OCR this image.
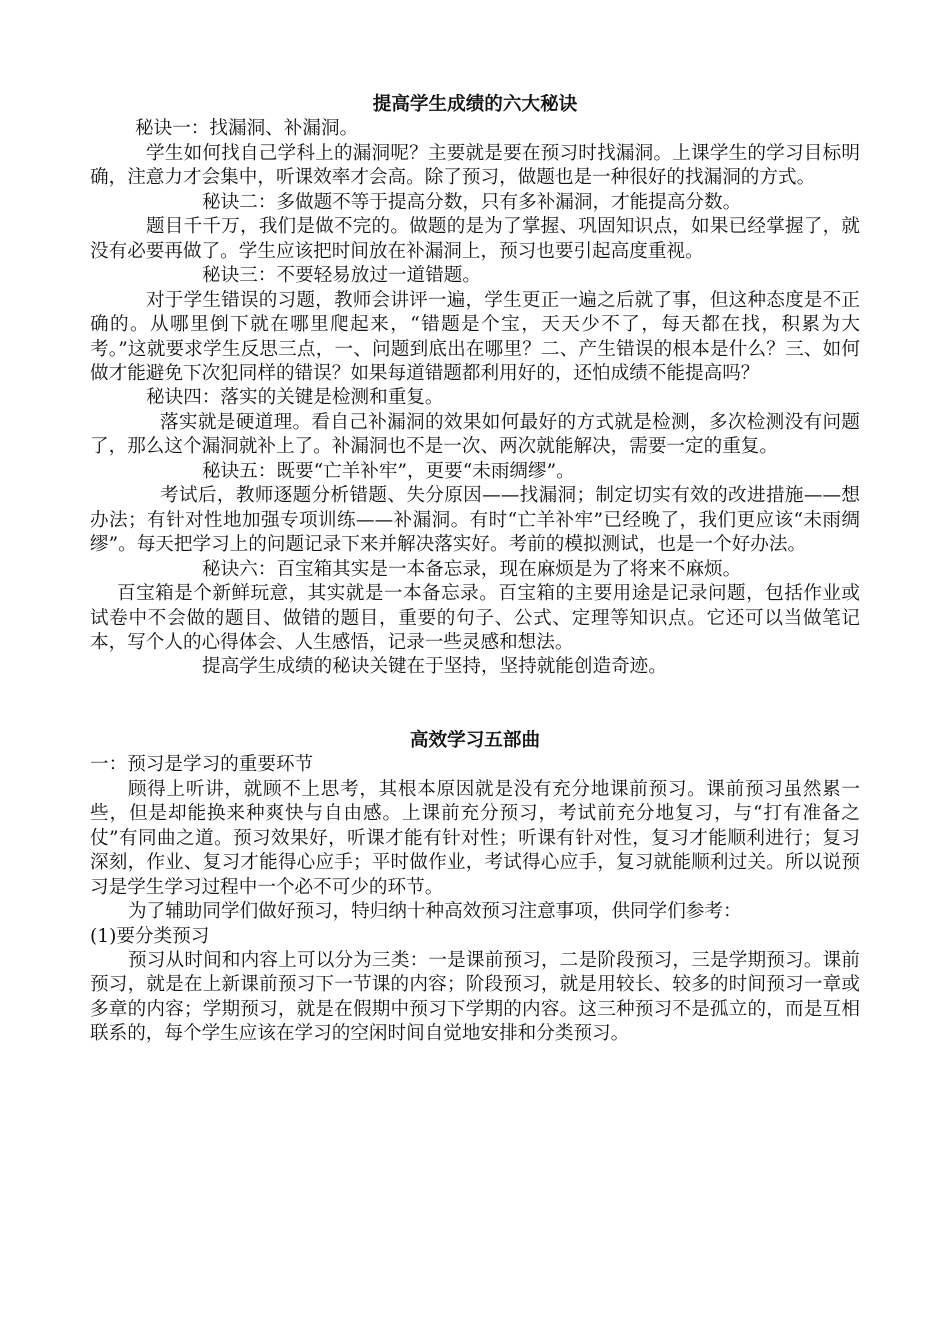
提高学生成绩的六大秘诀

秘诀一：找漏洞、补漏洞。

学生如何找自己学科上的漏洞呢？主要就是要在预习时找漏洞。上课学生的学习目标明确，注意力才会集中，听课效率才会高。除了预习，做题也是一种很好的找漏洞的方式。

秘诀二：多做题不等于提高分数，只有多补漏洞，才能提高分数。

题目千千万，我们是做不完的。做题的是为了掌握、巩固知识点，如果已经掌握了，就没有必要再做了。学生应该把时间放在补漏洞上，预习也要引起高度重视。

秘诀三：不要轻易放过一道错题。

对于学生错误的习题，教师会讲评一遍，学生更正一遍之后就了事，但这种态度是不正确的。从哪里倒下就在哪里爬起来，“错题是个宝，天天少不了，每天都在找，积累为大考。”这就要求学生反思三点，一、问题到底出在哪里？二、产生错误的根本是什么？三、如何做才能避免下次犯同样的错误？如果每道错题都利用好的，还怕成绩不能提高吗？

秘诀四：落实的关键是检测和重复。

落实就是硬道理。看自己补漏洞的效果如何最好的方式就是检测，多次检测没有问题了，那么这个漏洞就补上了。补漏洞也不是一次、两次就能解决，需要一定的重复。

秘诀五：既要“亡羊补牢”，更要“未雨绸缪”。

考试后，教师逐题分析错题、失分原因——找漏洞；制定切实有效的改进措施——想办法；有针对性地加强专项训练——补漏洞。有时“亡羊补牢”已经晚了，我们更应该“未雨绸缪”。每天把学习上的问题记录下来并解决落实好。考前的模拟测试，也是一个好办法。

秘诀六：百宝箱其实是一本备忘录，现在麻烦是为了将来不麻烦。

百宝箱是个新鲜玩意，其实就是一本备忘录。百宝箱的主要用途是记录问题，包括作业或试卷中不会做的题目、做错的题目，重要的句子、公式、定理等知识点。它还可以当做笔记本，写个人的心得体会、人生感悟，记录一些灵感和想法。

提高学生成绩的秘诀关键在于坚持，坚持就能创造奇迹。

高效学习五部曲

一：预习是学习的重要环节

顾得上听讲，就顾不上思考，其根本原因就是没有充分地课前预习。课前预习虽然累一些，但是却能换来种爽快与自由感。上课前充分预习，考试前充分地复习，与“打有准备之仗”有同曲之道。预习效果好，听课才能有针对性；听课有针对性，复习才能顺利进行；复习深刻，作业、复习才能得心应手；平时做作业，考试得心应手，复习就能顺利过关。所以说预习是学生学习过程中一个必不可少的环节。

为了辅助同学们做好预习，特归纳十种高效预习注意事项，供同学们参考：

(1)要分类预习

预习从时间和内容上可以分为三类：一是课前预习，二是阶段预习，三是学期预习。课前预习，就是在上新课前预习下一节课的内容；阶段预习，就是用较长、较多的时间预习一章或多章的内容；学期预习，就是在假期中预习下学期的内容。这三种预习不是孤立的，而是互相联系的，每个学生应该在学习的空闲时间自觉地安排和分类预习。
